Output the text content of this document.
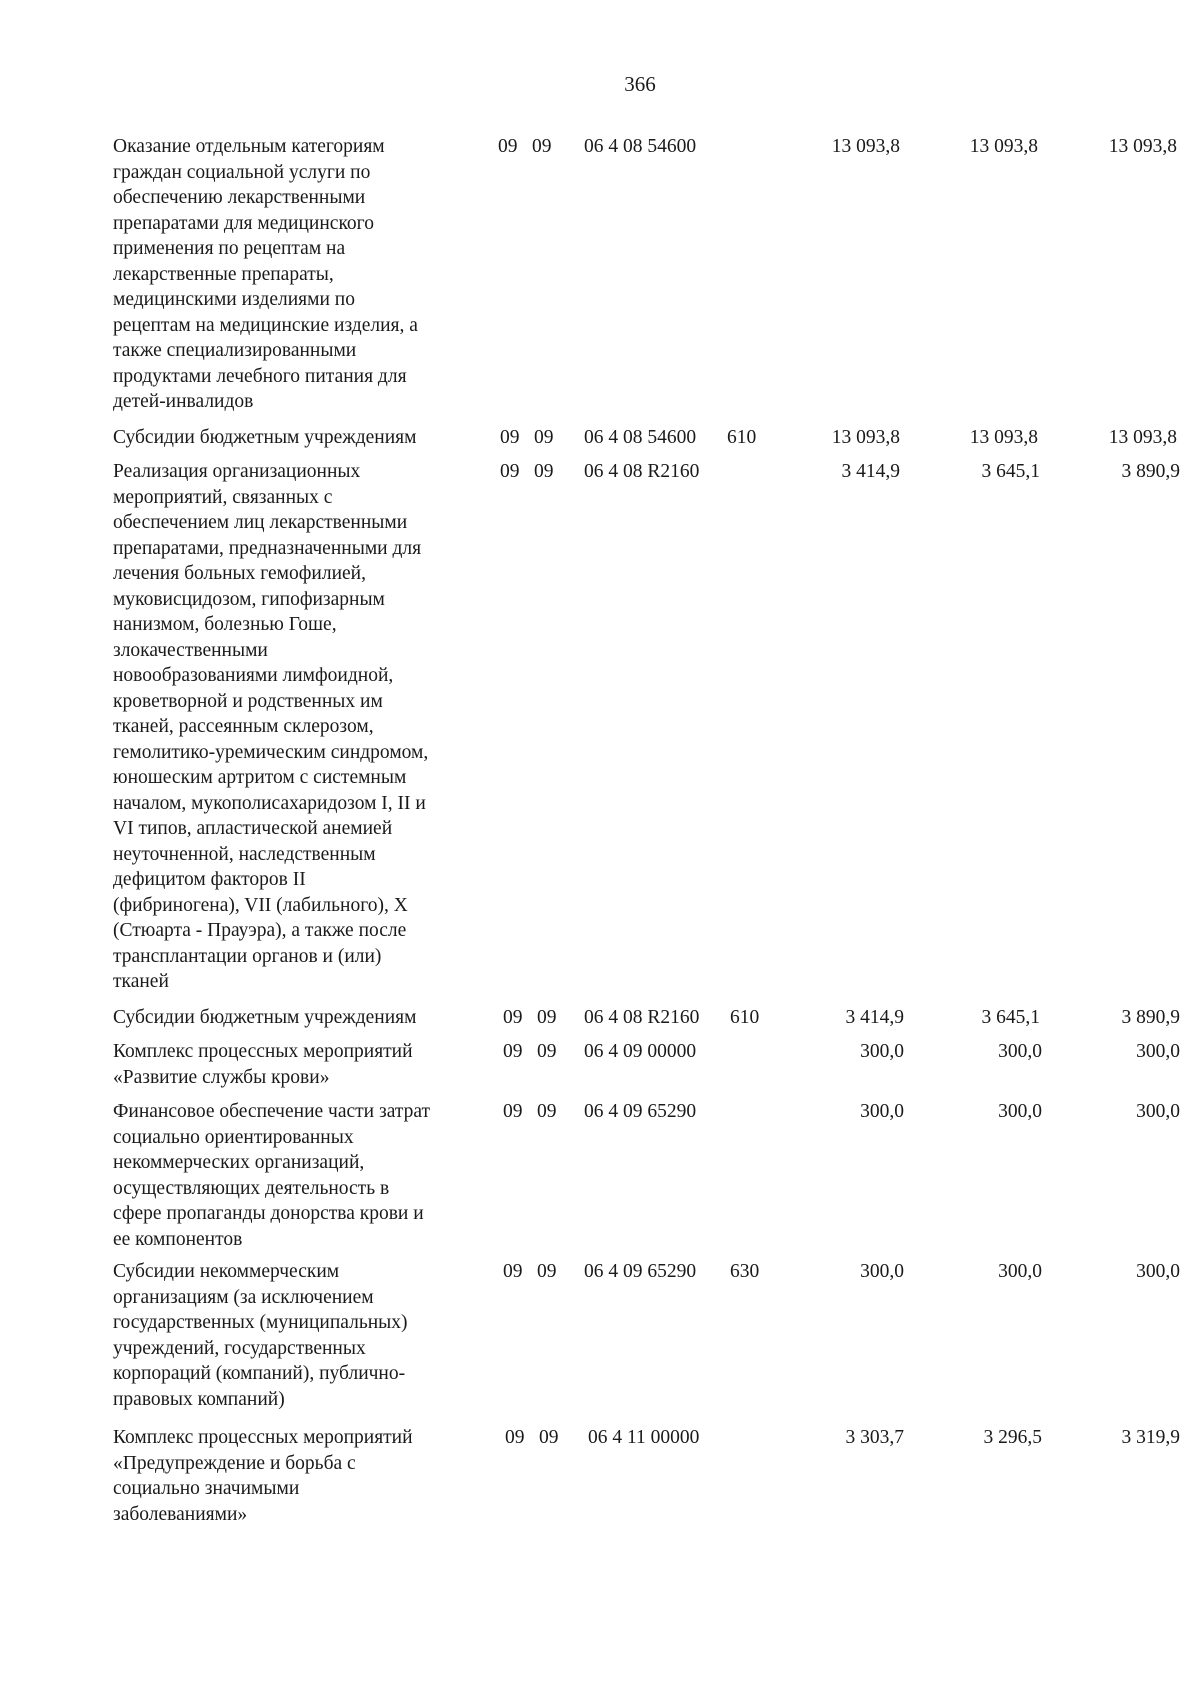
366
Оказание отдельным категориям
граждан социальной услуги по
обеспечению лекарственными
препаратами для медицинского
применения по рецептам на
лекарственные препараты,
медицинскими изделиями по
рецептам на медицинские изделия, а
также специализированными
продуктами лечебного питания для
детей-инвалидов
09 09 06 4 08 54600	13 093,8	13 093,8	13 093,8
Субсидии бюджетным учреждениям	09 09 06 4 08 54600 610	13 093,8	13 093,8	13 093,8
Реализация организационных
мероприятий, связанных с
обеспечением лиц лекарственными
препаратами, предназначенными для
лечения больных гемофилией,
муковисцидозом, гипофизарным
нанизмом, болезнью Гоше,
злокачественными
новообразованиями лимфоидной,
кроветворной и родственных им
тканей, рассеянным склерозом,
гемолитико-уремическим синдромом,
юношеским артритом с системным
началом, мукополисахаридозом I, II и
VI типов, апластической анемией
неуточненной, наследственным
дефицитом факторов II
(фибриногена), VII (лабильного), X
(Стюарта - Прауэра), а также после
трансплантации органов и (или)
тканей
09 09 06 4 08 R2160	3 414,9	3 645,1	3 890,9
Субсидии бюджетным учреждениям	09 09 06 4 08 R2160 610	3 414,9	3 645,1	3 890,9
Комплекс процессных мероприятий
«Развитие службы крови»
09 09 06 4 09 00000	300,0	300,0	300,0
Финансовое обеспечение части затрат
социально ориентированных
некоммерческих организаций,
осуществляющих деятельность в
сфере пропаганды донорства крови и
ее компонентов
09 09 06 4 09 65290	300,0	300,0	300,0
Субсидии некоммерческим
организациям (за исключением
государственных (муниципальных)
учреждений, государственных
корпораций (компаний), публично-
правовых компаний)
09 09 06 4 09 65290 630	300,0	300,0	300,0
Комплекс процессных мероприятий
«Предупреждение и борьба с
социально значимыми
заболеваниями»
09 09 06 4 11 00000	3 303,7	3 296,5	3 319,9
